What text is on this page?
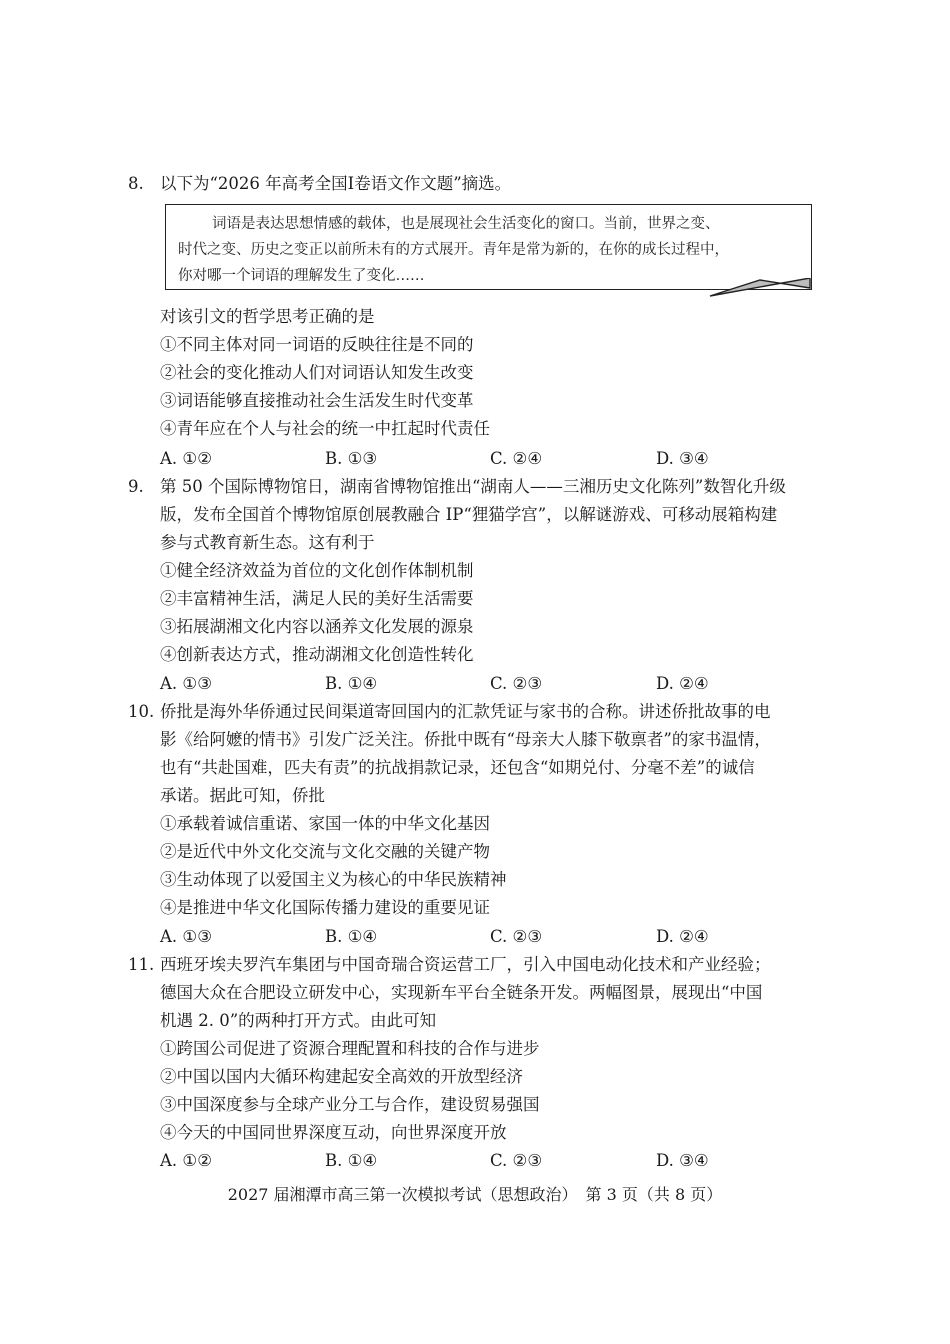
8. 以下为“2026 年高考全国Ⅰ卷语文作文题”摘选。
词语是表达思想情感的载体，也是展现社会生活变化的窗口。当前，世界之变、
时代之变、历史之变正以前所未有的方式展开。青年是常为新的，在你的成长过程中，
你对哪一个词语的理解发生了变化……
对该引文的哲学思考正确的是
①不同主体对同一词语的反映往往是不同的
②社会的变化推动人们对词语认知发生改变
③词语能够直接推动社会生活发生时代变革
④青年应在个人与社会的统一中扛起时代责任
A. ①②	B. ①③	C. ②④	D. ③④
9. 第 50 个国际博物馆日，湖南省博物馆推出“湖南人——三湘历史文化陈列”数智化升级
版，发布全国首个博物馆原创展教融合 IP“狸猫学宫”，以解谜游戏、可移动展箱构建
参与式教育新生态。这有利于
①健全经济效益为首位的文化创作体制机制
②丰富精神生活，满足人民的美好生活需要
③拓展湖湘文化内容以涵养文化发展的源泉
④创新表达方式，推动湖湘文化创造性转化
A. ①③	B. ①④	C. ②③	D. ②④
10. 侨批是海外华侨通过民间渠道寄回国内的汇款凭证与家书的合称。讲述侨批故事的电
影《给阿嬷的情书》引发广泛关注。侨批中既有“母亲大人膝下敬禀者”的家书温情，
也有“共赴国难，匹夫有责”的抗战捐款记录，还包含“如期兑付、分毫不差”的诚信
承诺。据此可知，侨批
①承载着诚信重诺、家国一体的中华文化基因
②是近代中外文化交流与文化交融的关键产物
③生动体现了以爱国主义为核心的中华民族精神
④是推进中华文化国际传播力建设的重要见证
A. ①③	B. ①④	C. ②③	D. ②④
11. 西班牙埃夫罗汽车集团与中国奇瑞合资运营工厂，引入中国电动化技术和产业经验；
德国大众在合肥设立研发中心，实现新车平台全链条开发。两幅图景，展现出“中国
机遇 2. 0”的两种打开方式。由此可知
①跨国公司促进了资源合理配置和科技的合作与进步
②中国以国内大循环构建起安全高效的开放型经济
③中国深度参与全球产业分工与合作，建设贸易强国
④今天的中国同世界深度互动，向世界深度开放
A. ①②	B. ①④	C. ②③	D. ③④
2027 届湘潭市高三第一次模拟考试（思想政治）　第 3 页（共 8 页）
